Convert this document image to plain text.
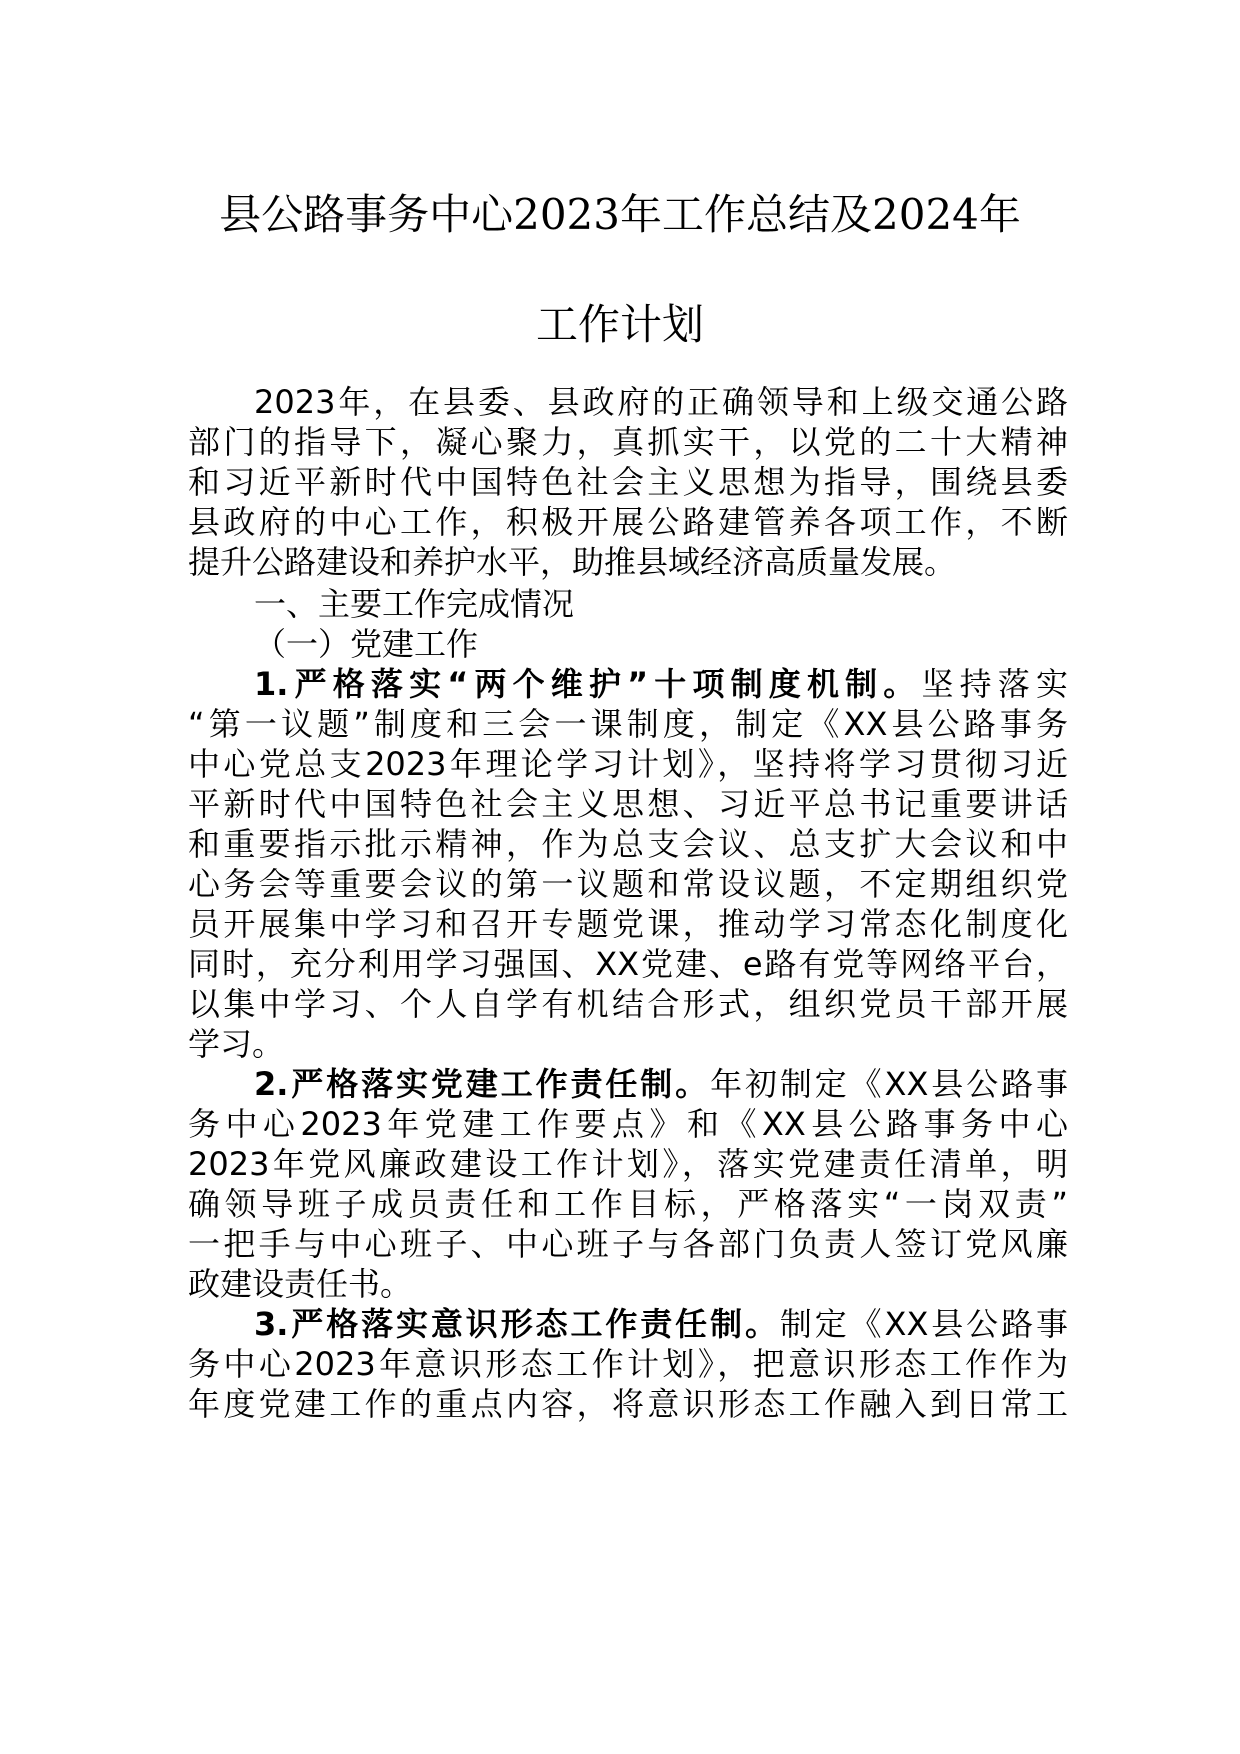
县公路事务中心2023年工作总结及2024年
工作计划
2023年，在县委、县政府的正确领导和上级交通公路
部门的指导下，凝心聚力，真抓实干，以党的二十大精神
和习近平新时代中国特色社会主义思想为指导，围绕县委
县政府的中心工作，积极开展公路建管养各项工作，不断
提升公路建设和养护水平，助推县域经济高质量发展。
一、主要工作完成情况
（一）党建工作
1.严格落实“两个维护”十项制度机制。坚持落实
“第一议题”制度和三会一课制度，制定《XX县公路事务
中心党总支2023年理论学习计划》，坚持将学习贯彻习近
平新时代中国特色社会主义思想、习近平总书记重要讲话
和重要指示批示精神，作为总支会议、总支扩大会议和中
心务会等重要会议的第一议题和常设议题，不定期组织党
员开展集中学习和召开专题党课，推动学习常态化制度化
同时，充分利用学习强国、XX党建、e路有党等网络平台，
以集中学习、个人自学有机结合形式，组织党员干部开展
学习。
2.严格落实党建工作责任制。年初制定《XX县公路事
务中心2023年党建工作要点》和《XX县公路事务中心
2023年党风廉政建设工作计划》，落实党建责任清单，明
确领导班子成员责任和工作目标，严格落实“一岗双责”
一把手与中心班子、中心班子与各部门负责人签订党风廉
政建设责任书。
3.严格落实意识形态工作责任制。制定《XX县公路事
务中心2023年意识形态工作计划》，把意识形态工作作为
年度党建工作的重点内容，将意识形态工作融入到日常工
